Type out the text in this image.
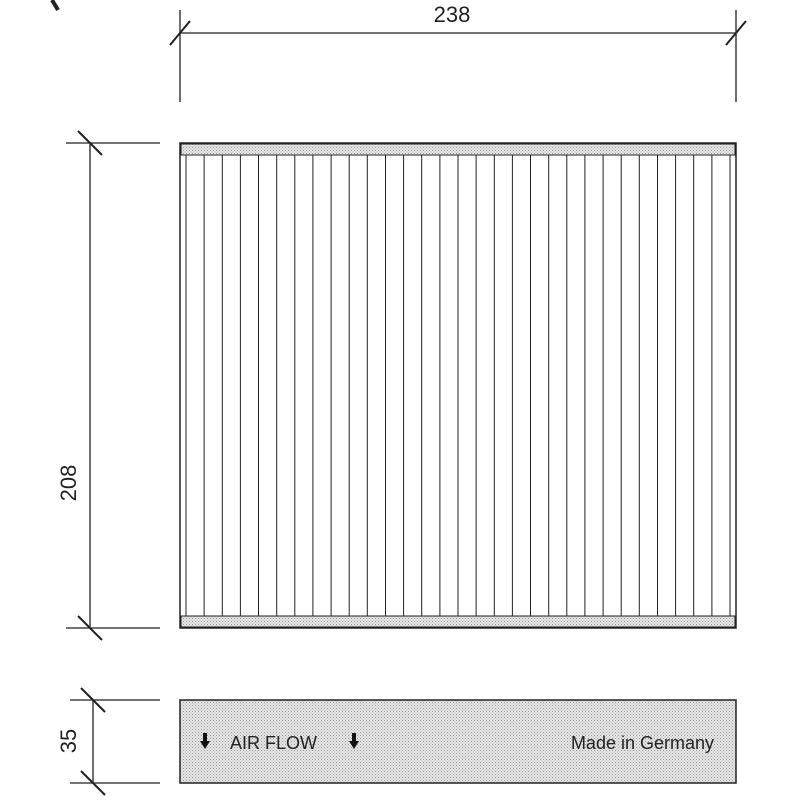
238
208
35	AIR FLOW	Made in Germany
